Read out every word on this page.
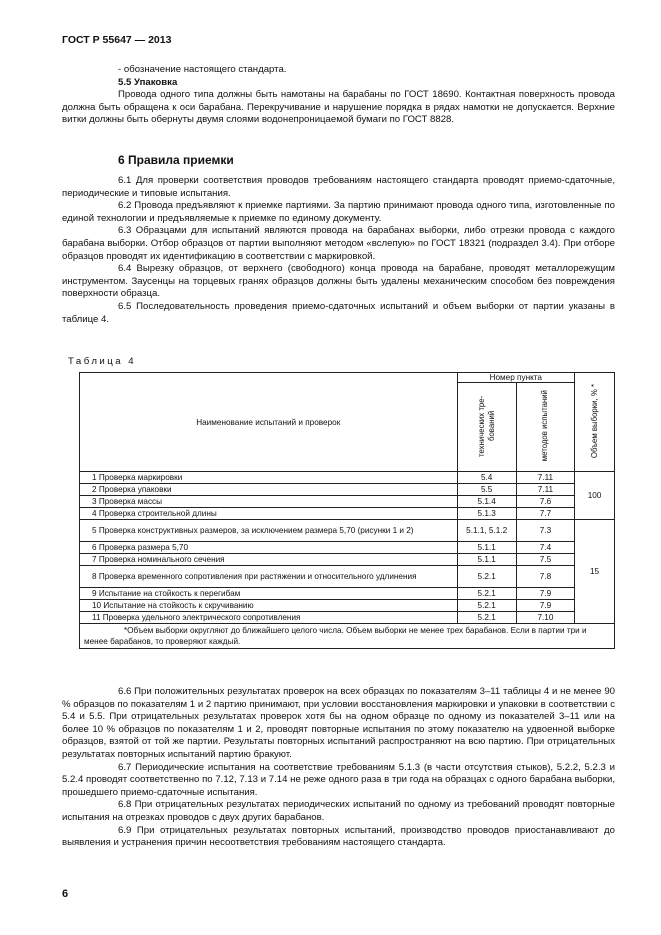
ГОСТ Р 55647 — 2013

- обозначение настоящего стандарта.

5.5 Упаковка

Провода одного типа должны быть намотаны на барабаны по ГОСТ 18690. Контактная поверхность провода должна быть обращена к оси барабана. Перекручивание и нарушение порядка в рядах намотки не допускается. Верхние витки должны быть обернуты двумя слоями водонепроницаемой бумаги по ГОСТ 8828.

6 Правила приемки

6.1 Для проверки соответствия проводов требованиям настоящего стандарта проводят приемо-сдаточные, периодические и типовые испытания.

6.2 Провода предъявляют к приемке партиями. За партию принимают провода одного типа, изготовленные по единой технологии и предъявляемые к приемке по единому документу.

6.3 Образцами для испытаний являются провода на барабанах выборки, либо отрезки провода с каждого барабана выборки. Отбор образцов от партии выполняют методом «вслепую» по ГОСТ 18321 (подраздел 3.4). При отборе образцов проводят их идентификацию в соответствии с маркировкой.

6.4 Вырезку образцов, от верхнего (свободного) конца провода на барабане, проводят металлорежущим инструментом. Заусенцы на торцевых гранях образцов должны быть удалены механическим способом без повреждения поверхности образца.

6.5 Последовательность проведения приемо-сдаточных испытаний и объем выборки от партии указаны в таблице 4.

Таблица 4
Наименование испытаний и проверок	Номер пункта		Объем выборки, % *
	технических тре-бований	методов испытаний	
1 Проверка маркировки	5.4	7.11	100
2 Проверка упаковки	5.5	7.11	
3 Проверка массы	5.1.4	7.6	
4 Проверка строительной длины	5.1.3	7.7	
5 Проверка конструктивных размеров, за исключением размера 5,70 (рисунки 1 и 2)	5.1.1, 5.1.2	7.3	15
6 Проверка размера 5,70	5.1.1	7.4	
7 Проверка номинального сечения	5.1.1	7.5	
8 Проверка временного сопротивления при растяжении и относительного удлинения	5.2.1	7.8	
9 Испытание на стойкость к перегибам	5.2.1	7.9	
10 Испытание на стойкость к скручиванию	5.2.1	7.9	
11 Проверка удельного электрического сопротивления	5.2.1	7.10	

*Объем выборки округляют до ближайшего целого числа. Объем выборки не менее трех барабанов. Если в партии три и менее барабанов, то проверяют каждый.			

6.6 При положительных результатах проверок на всех образцах по показателям 3–11 таблицы 4 и не менее 90 % образцов по показателям 1 и 2 партию принимают, при условии восстановления маркировки и упаковки в соответствии с 5.4 и 5.5. При отрицательных результатах проверок хотя бы на одном образце по одному из показателей 3–11 или на более 10 % образцов по показателям 1 и 2, проводят повторные испытания по этому показателю на удвоенной выборке образцов, взятой от той же партии. Результаты повторных испытаний распространяют на всю партию. При отрицательных результатах повторных испытаний партию бракуют.

6.7 Периодические испытания на соответствие требованиям 5.1.3 (в части отсутствия стыков), 5.2.2, 5.2.3 и 5.2.4 проводят соответственно по 7.12, 7.13 и 7.14 не реже одного раза в три года на образцах с одного барабана выборки, прошедшего приемо-сдаточные испытания.

6.8 При отрицательных результатах периодических испытаний по одному из требований проводят повторные испытания на отрезках проводов с двух других барабанов.

6.9 При отрицательных результатах повторных испытаний, производство проводов приостанавливают до выявления и устранения причин несоответствия требованиям настоящего стандарта.

6
